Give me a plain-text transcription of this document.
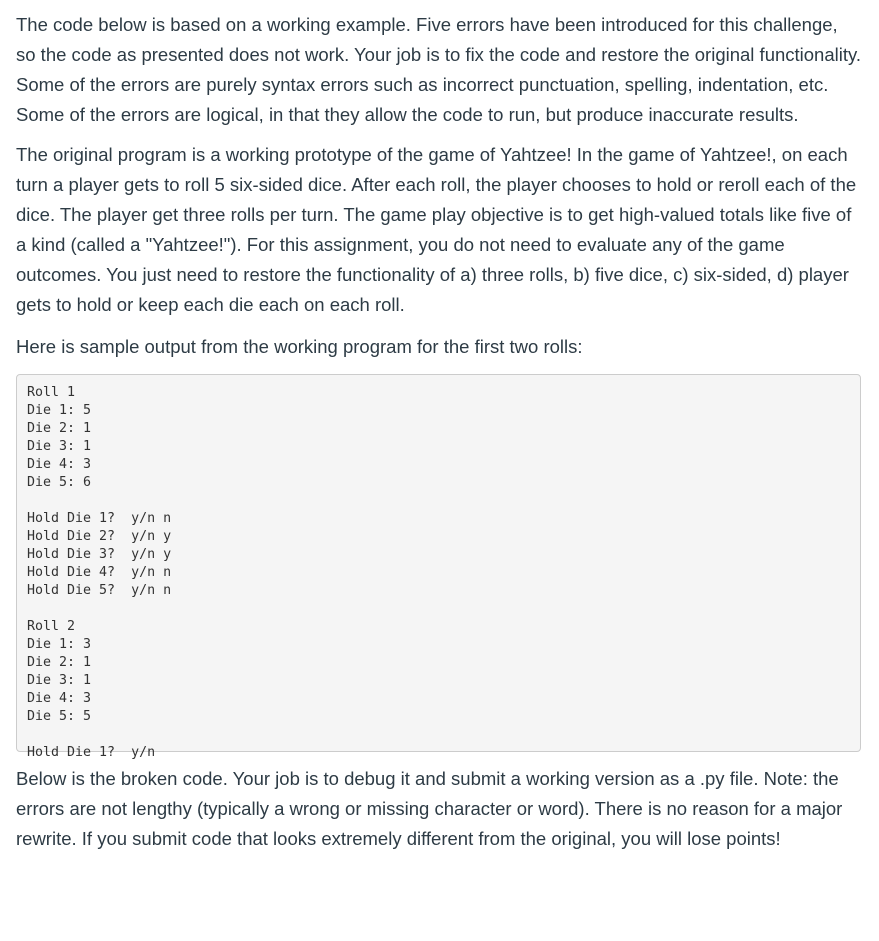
The code below is based on a working example. Five errors have been introduced for this challenge, so the code as presented does not work. Your job is to fix the code and restore the original functionality. Some of the errors are purely syntax errors such as incorrect punctuation, spelling, indentation, etc. Some of the errors are logical, in that they allow the code to run, but produce inaccurate results.

The original program is a working prototype of the game of Yahtzee! In the game of Yahtzee!, on each turn a player gets to roll 5 six-sided dice. After each roll, the player chooses to hold or reroll each of the dice. The player get three rolls per turn. The game play objective is to get high-valued totals like five of a kind (called a "Yahtzee!"). For this assignment, you do not need to evaluate any of the game outcomes. You just need to restore the functionality of a) three rolls, b) five dice, c) six-sided, d) player gets to hold or keep each die each on each roll.

Here is sample output from the working program for the first two rolls:

Roll 1
Die 1: 5
Die 2: 1
Die 3: 1
Die 4: 3
Die 5: 6
Hold Die 1?  y/n n
Hold Die 2?  y/n y
Hold Die 3?  y/n y
Hold Die 4?  y/n n
Hold Die 5?  y/n n
Roll 2
Die 1: 3
Die 2: 1
Die 3: 1
Die 4: 3
Die 5: 5
Hold Die 1?  y/n

Below is the broken code. Your job is to debug it and submit a working version as a .py file. Note: the errors are not lengthy (typically a wrong or missing character or word). There is no reason for a major rewrite. If you submit code that looks extremely different from the original, you will lose points!
